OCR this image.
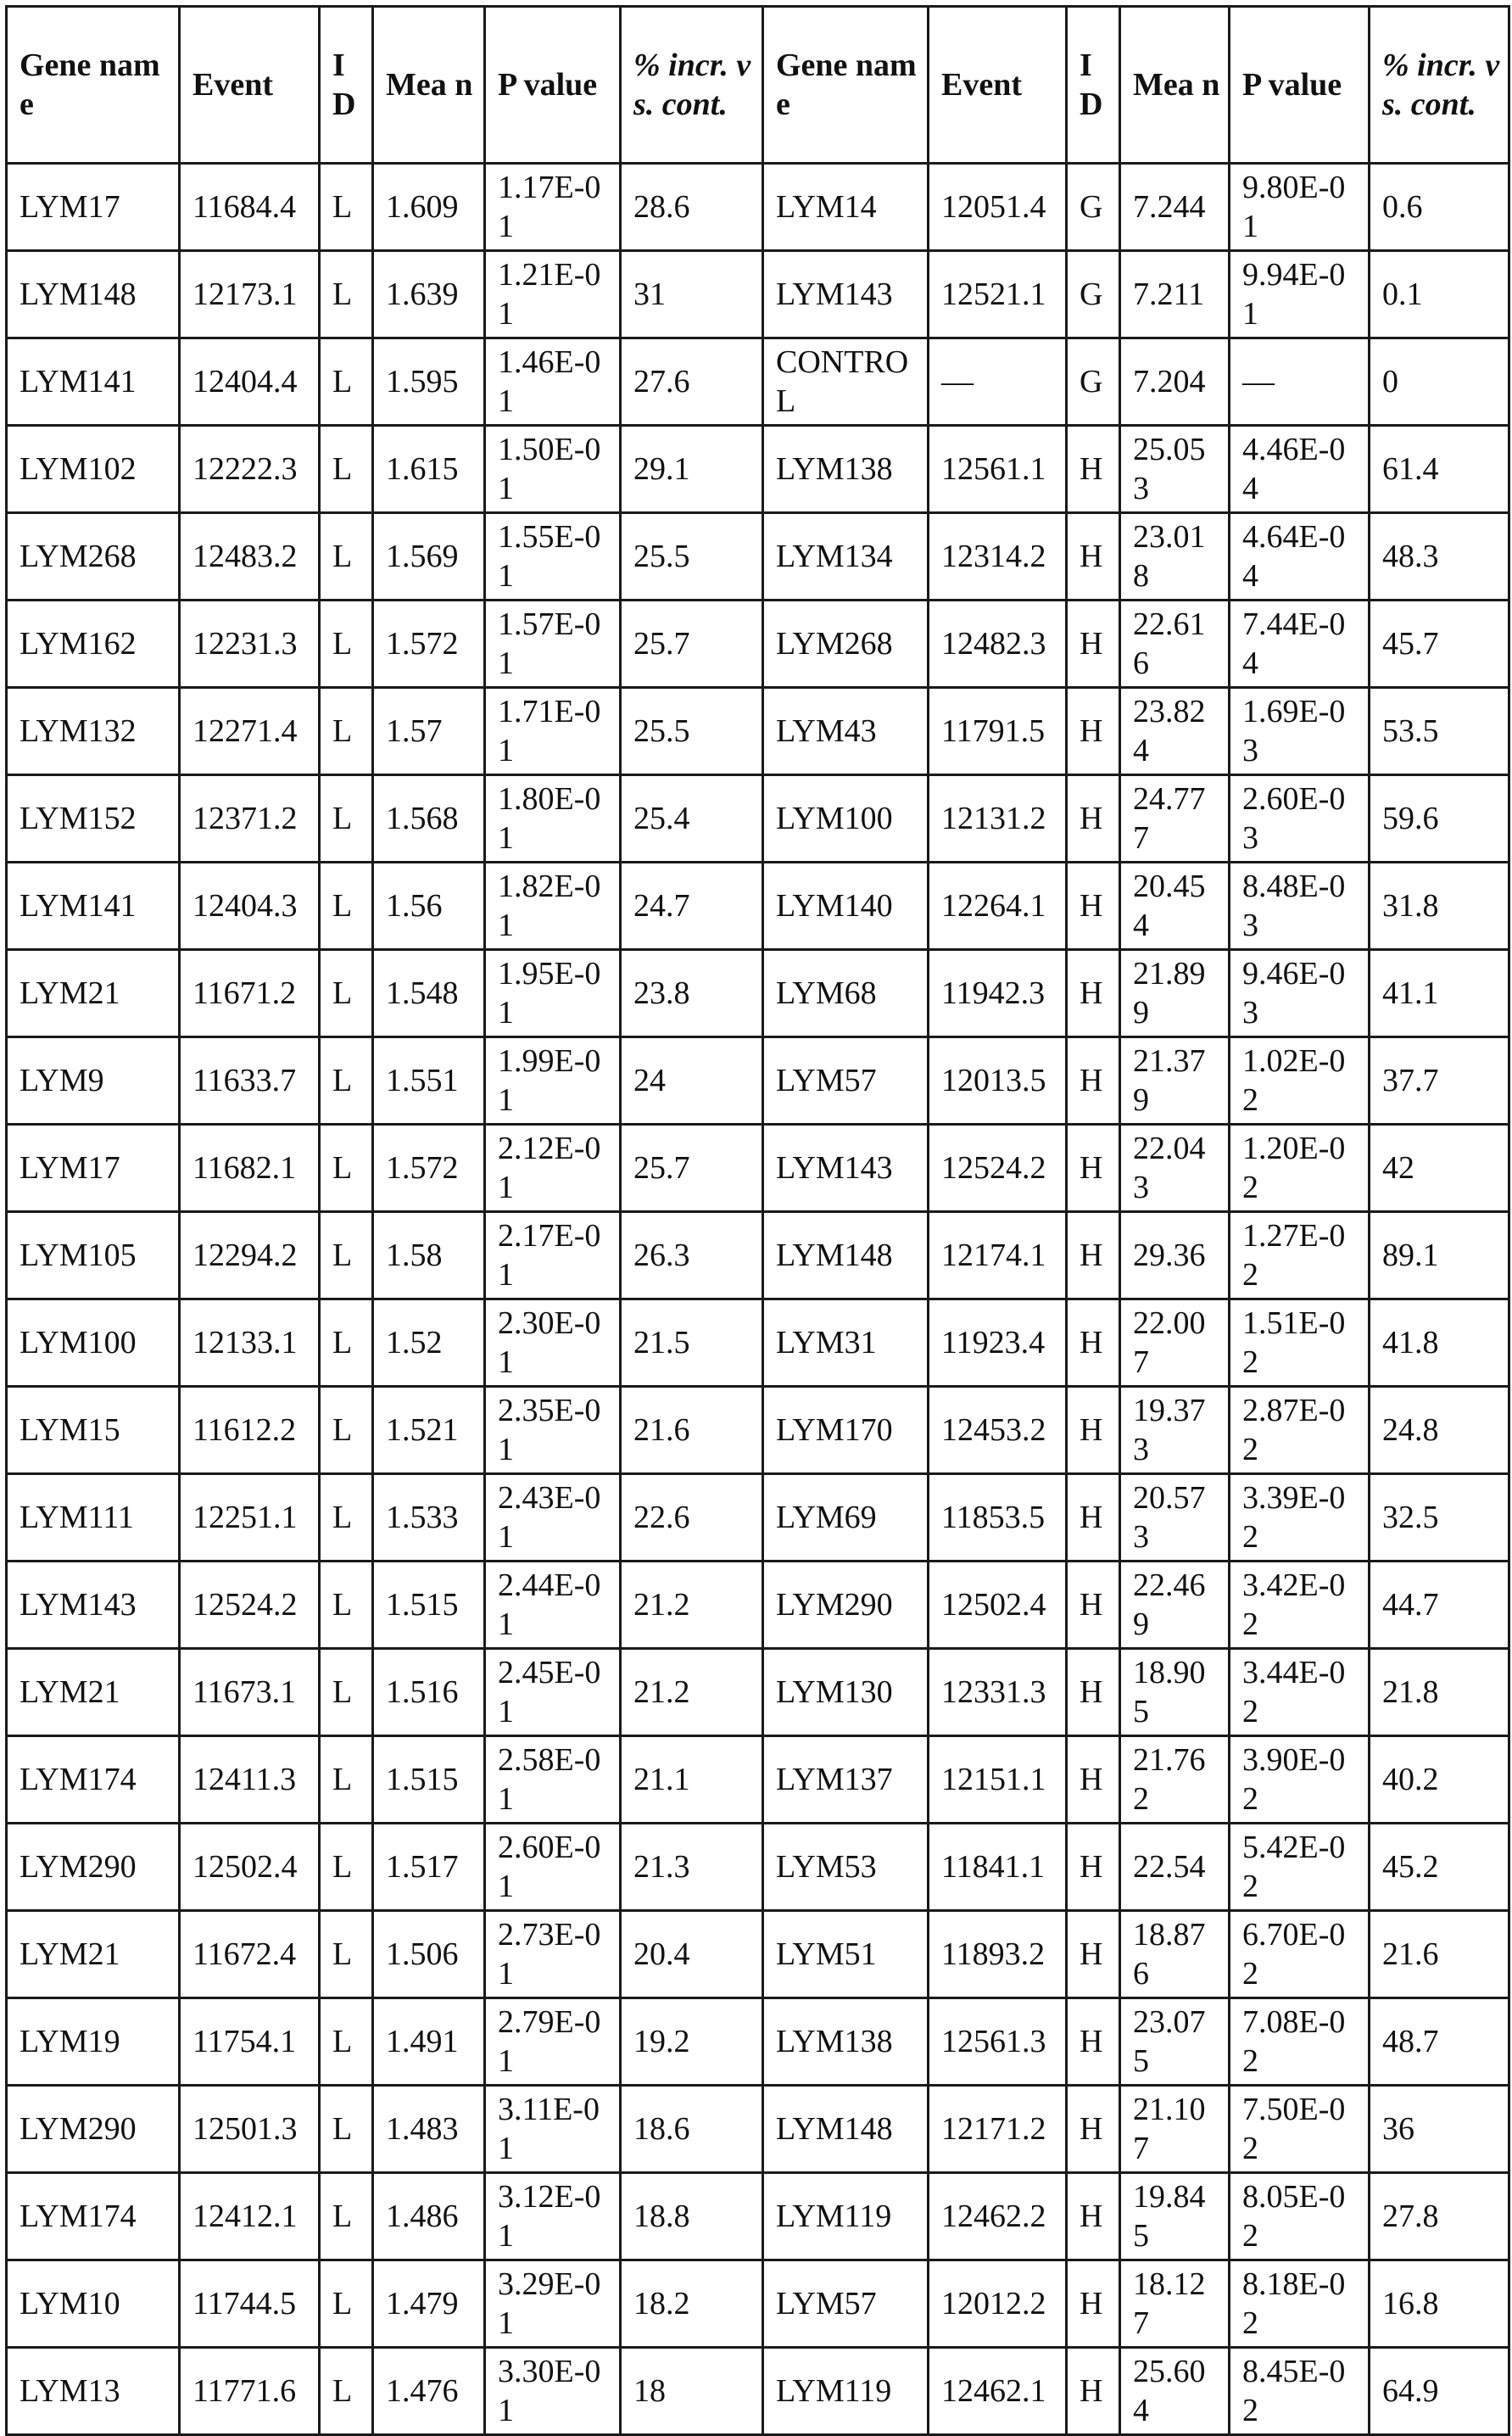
Gene name	Event	I D	Mea n	P value	% incr. vs. cont.	Gene name	Event	I D	Mea n	P value	% incr. vs. cont.
LYM17	11684.4	L	1.609	1.17E-01	28.6	LYM14	12051.4	G	7.244	9.80E-01	0.6
LYM148	12173.1	L	1.639	1.21E-01	31	LYM143	12521.1	G	7.211	9.94E-01	0.1
LYM141	12404.4	L	1.595	1.46E-01	27.6	CONTROL	—	G	7.204	—	0
LYM102	12222.3	L	1.615	1.50E-01	29.1	LYM138	12561.1	H	25.053	4.46E-04	61.4
LYM268	12483.2	L	1.569	1.55E-01	25.5	LYM134	12314.2	H	23.018	4.64E-04	48.3
LYM162	12231.3	L	1.572	1.57E-01	25.7	LYM268	12482.3	H	22.616	7.44E-04	45.7
LYM132	12271.4	L	1.57	1.71E-01	25.5	LYM43	11791.5	H	23.824	1.69E-03	53.5
LYM152	12371.2	L	1.568	1.80E-01	25.4	LYM100	12131.2	H	24.777	2.60E-03	59.6
LYM141	12404.3	L	1.56	1.82E-01	24.7	LYM140	12264.1	H	20.454	8.48E-03	31.8
LYM21	11671.2	L	1.548	1.95E-01	23.8	LYM68	11942.3	H	21.899	9.46E-03	41.1
LYM9	11633.7	L	1.551	1.99E-01	24	LYM57	12013.5	H	21.379	1.02E-02	37.7
LYM17	11682.1	L	1.572	2.12E-01	25.7	LYM143	12524.2	H	22.043	1.20E-02	42
LYM105	12294.2	L	1.58	2.17E-01	26.3	LYM148	12174.1	H	29.36	1.27E-02	89.1
LYM100	12133.1	L	1.52	2.30E-01	21.5	LYM31	11923.4	H	22.007	1.51E-02	41.8
LYM15	11612.2	L	1.521	2.35E-01	21.6	LYM170	12453.2	H	19.373	2.87E-02	24.8
LYM111	12251.1	L	1.533	2.43E-01	22.6	LYM69	11853.5	H	20.573	3.39E-02	32.5
LYM143	12524.2	L	1.515	2.44E-01	21.2	LYM290	12502.4	H	22.469	3.42E-02	44.7
LYM21	11673.1	L	1.516	2.45E-01	21.2	LYM130	12331.3	H	18.905	3.44E-02	21.8
LYM174	12411.3	L	1.515	2.58E-01	21.1	LYM137	12151.1	H	21.762	3.90E-02	40.2
LYM290	12502.4	L	1.517	2.60E-01	21.3	LYM53	11841.1	H	22.54	5.42E-02	45.2
LYM21	11672.4	L	1.506	2.73E-01	20.4	LYM51	11893.2	H	18.876	6.70E-02	21.6
LYM19	11754.1	L	1.491	2.79E-01	19.2	LYM138	12561.3	H	23.075	7.08E-02	48.7
LYM290	12501.3	L	1.483	3.11E-01	18.6	LYM148	12171.2	H	21.107	7.50E-02	36
LYM174	12412.1	L	1.486	3.12E-01	18.8	LYM119	12462.2	H	19.845	8.05E-02	27.8
LYM10	11744.5	L	1.479	3.29E-01	18.2	LYM57	12012.2	H	18.127	8.18E-02	16.8
LYM13	11771.6	L	1.476	3.30E-01	18	LYM119	12462.1	H	25.604	8.45E-02	64.9
